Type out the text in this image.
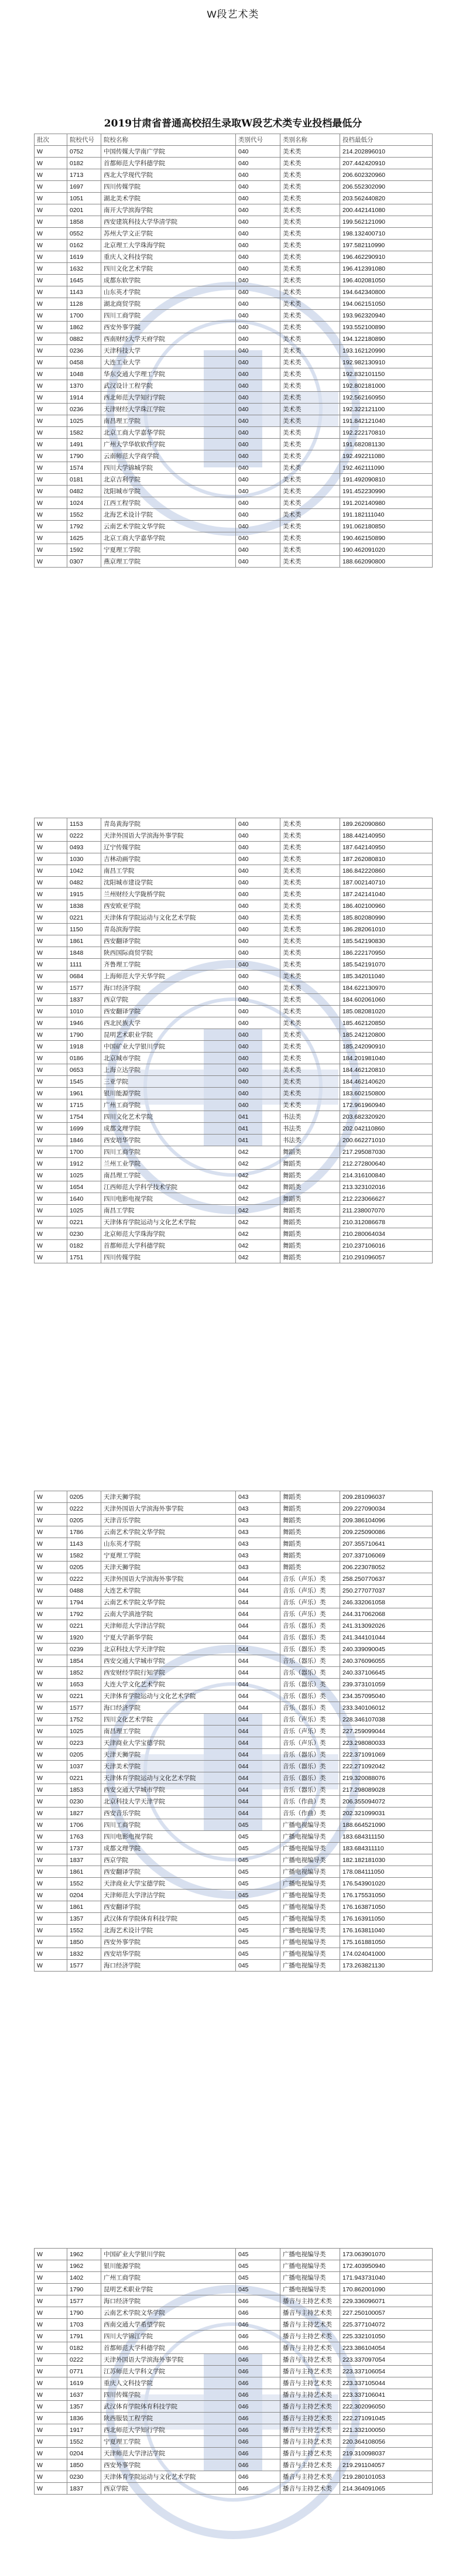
W段艺术类
2019甘肃省普通高校招生录取W段艺术类专业投档最低分
批次	院校代号	院校名称	类别代号	类别名称	投档最低分
W	0752	中国传媒大学南广学院	040	美术类	214.202896010
W	0182	首都师范大学科德学院	040	美术类	207.442420910
W	1713	西北大学现代学院	040	美术类	206.602320960
W	1697	四川传媒学院	040	美术类	206.552302090
W	1051	湖北美术学院	040	美术类	203.562440820
W	0201	南开大学滨海学院	040	美术类	200.442141080
W	1858	西安建筑科技大学华清学院	040	美术类	199.562121090
W	0552	苏州大学文正学院	040	美术类	198.132400710
W	0162	北京理工大学珠海学院	040	美术类	197.582110990
W	1619	重庆人文科技学院	040	美术类	196.462290910
W	1632	四川文化艺术学院	040	美术类	196.412391080
W	1645	成都东软学院	040	美术类	196.402081050
W	1143	山东英才学院	040	美术类	194.642340800
W	1128	湖北商贸学院	040	美术类	194.062151050
W	1700	四川工商学院	040	美术类	193.962320940
W	1862	西安外事学院	040	美术类	193.552100890
W	0882	西南财经大学天府学院	040	美术类	194.122180890
W	0236	天津科技大学	040	美术类	193.162120990
W	0458	大连工业大学	040	美术类	192.982130910
W	1048	华东交通大学理工学院	040	美术类	192.832101150
W	1370	武汉设计工程学院	040	美术类	192.802181000
W	1914	西北师范大学知行学院	040	美术类	192.562160950
W	0236	天津财经大学珠江学院	040	美术类	192.322121100
W	1025	南昌理工学院	040	美术类	191.842121040
W	1582	北京工商大学嘉华学院	040	美术类	192.222170810
W	1491	广州大学华软软件学院	040	美术类	191.682081130
W	1790	云南师范大学商学院	040	美术类	192.492211080
W	1574	四川大学锦城学院	040	美术类	192.462111090
W	0181	北京吉利学院	040	美术类	191.492090810
W	0482	沈阳城市学院	040	美术类	191.452230990
W	1024	江西工程学院	040	美术类	191.202140980
W	1552	北海艺术设计学院	040	美术类	191.182111040
W	1792	云南艺术学院文华学院	040	美术类	191.062180850
W	1625	北京工商大学嘉华学院	040	美术类	190.462150890
W	1592	宁夏理工学院	040	美术类	190.462091020
W	0307	燕京理工学院	040	美术类	188.662090800
W	1153	青岛黄海学院	040	美术类	189.262090860
W	0222	天津外国语大学滨海外事学院	040	美术类	188.442140950
W	0493	辽宁传媒学院	040	美术类	187.642140950
W	1030	吉林动画学院	040	美术类	187.262080810
W	1042	南昌工学院	040	美术类	186.842220860
W	0482	沈阳城市建设学院	040	美术类	187.002140710
W	1915	兰州财经大学陇桥学院	040	美术类	187.242141040
W	1838	西安欧亚学院	040	美术类	186.402100960
W	0221	天津体育学院运动与文化艺术学院	040	美术类	185.802080990
W	1150	青岛滨海学院	040	美术类	186.282061010
W	1861	西安翻译学院	040	美术类	185.542190830
W	1848	陕西国际商贸学院	040	美术类	186.222170950
W	1111	齐鲁理工学院	040	美术类	185.542191070
W	0684	上海师范大学天华学院	040	美术类	185.342011040
W	1577	海口经济学院	040	美术类	184.622130970
W	1837	西京学院	040	美术类	184.602061060
W	1010	西安翻译学院	040	美术类	185.082081020
W	1946	西北民族大学	040	美术类	185.462120850
W	1790	昆明艺术职业学院	040	美术类	185.242120800
W	1918	中国矿业大学银川学院	040	美术类	185.242090910
W	0186	北京城市学院	040	美术类	184.201981040
W	0653	上海立达学院	040	美术类	184.462120810
W	1545	三亚学院	040	美术类	184.462140620
W	1961	银川能源学院	040	美术类	183.602150800
W	1715	广州工商学院	040	美术类	172.961960940
W	1754	四川文化艺术学院	041	书法类	203.682320920
W	1699	成都文理学院	041	书法类	202.042110860
W	1846	西安培华学院	041	书法类	200.662271010
W	1700	四川工商学院	042	舞蹈类	217.295087030
W	1912	兰州工业学院	042	舞蹈类	212.272800640
W	1025	南昌理工学院	042	舞蹈类	214.316100840
W	1654	江西师范大学科学技术学院	042	舞蹈类	213.323102016
W	1640	四川电影电视学院	042	舞蹈类	212.223066627
W	1025	南昌工学院	042	舞蹈类	211.238007070
W	0221	天津体育学院运动与文化艺术学院	042	舞蹈类	210.312086678
W	0230	北京师范大学珠海学院	042	舞蹈类	210.280064034
W	0182	首都师范大学科德学院	042	舞蹈类	210.237106016
W	1751	四川传媒学院	042	舞蹈类	210.291096057
W	0205	天津天狮学院	043	舞蹈类	209.281096037
W	0222	天津外国语大学滨海外事学院	043	舞蹈类	209.227090034
W	0205	天津音乐学院	043	舞蹈类	209.386104096
W	1786	云南艺术学院文华学院	043	舞蹈类	209.225090086
W	1143	山东英才学院	043	舞蹈类	207.355710641
W	1582	宁夏理工学院	043	舞蹈类	207.337106069
W	0205	天津天狮学院	043	舞蹈类	206.223078052
W	0222	天津外国语大学滨海外事学院	044	音乐（声乐）类	258.250770637
W	0488	大连艺术学院	044	音乐（声乐）类	250.277077037
W	1794	云南艺术学院文华学院	044	音乐（声乐）类	246.332061058
W	1792	云南大学滇池学院	044	音乐（声乐）类	244.317062068
W	0221	天津师范大学津沽学院	044	音乐（器乐）类	241.313092026
W	1920	宁夏大学新华学院	044	音乐（器乐）类	241.344101044
W	0239	北京科技大学天津学院	044	音乐（器乐）类	240.339090045
W	1854	西安交通大学城市学院	044	音乐（器乐）类	240.376096055
W	1852	西安财经学院行知学院	044	音乐（器乐）类	240.337106645
W	1653	大连大学文化艺术学院	044	音乐（器乐）类	239.373101059
W	0221	天津体育学院运动与文化艺术学院	044	音乐（器乐）类	234.357095040
W	1577	海口经济学院	044	音乐（器乐）类	233.340106012
W	1752	四川文化艺术学院	044	音乐（声乐）类	228.346107038
W	1025	南昌理工学院	044	音乐（声乐）类	227.259099044
W	0223	天津商业大学宝德学院	044	音乐（声乐）类	223.298080033
W	0205	天津天狮学院	044	音乐（器乐）类	222.371091069
W	1037	天津美术学院	044	音乐（器乐）类	222.271092042
W	0221	天津体育学院运动与文化艺术学院	044	音乐（器乐）类	219.320088076
W	1853	西安交通大学城市学院	044	音乐（器乐）类	217.298089028
W	0230	北京科技大学天津学院	044	音乐（作曲）类	206.355094072
W	1827	西安音乐学院	044	音乐（作曲）类	202.321099031
W	1706	四川工商学院	045	广播电视编导类	188.664521090
W	1763	四川电影电视学院	045	广播电视编导类	183.684311150
W	1737	成都文理学院	045	广播电视编导类	183.684311110
W	1837	西京学院	045	广播电视编导类	182.182181030
W	1861	西安翻译学院	045	广播电视编导类	178.084111050
W	1552	天津商业大学宝德学院	045	广播电视编导类	176.543901020
W	0204	天津师范大学津沽学院	045	广播电视编导类	176.175531050
W	1861	西安翻译学院	045	广播电视编导类	176.163871050
W	1357	武汉体育学院体育科技学院	045	广播电视编导类	176.163911050
W	1552	北海艺术设计学院	045	广播电视编导类	176.163811040
W	1850	西安外事学院	045	广播电视编导类	175.161881050
W	1832	西安培华学院	045	广播电视编导类	174.024041000
W	1577	海口经济学院	045	广播电视编导类	173.263821130
W	1962	中国矿业大学银川学院	045	广播电视编导类	173.063901070
W	1962	银川能源学院	045	广播电视编导类	172.403950940
W	1402	广州工商学院	045	广播电视编导类	171.943731040
W	1790	昆明艺术职业学院	045	广播电视编导类	170.862001090
W	1577	海口经济学院	046	播音与主持艺术类	229.336096071
W	1790	云南艺术学院文华学院	046	播音与主持艺术类	227.250100057
W	1703	西南交通大学希望学院	046	播音与主持艺术类	225.377104072
W	1791	四川大学锦江学院	046	播音与主持艺术类	225.332101050
W	0182	首都师范大学科德学院	046	播音与主持艺术类	223.386104054
W	0222	天津外国语大学滨海外事学院	046	播音与主持艺术类	223.337097054
W	0771	江苏师范大学科文学院	046	播音与主持艺术类	223.337106054
W	1619	重庆人文科技学院	046	播音与主持艺术类	223.337105044
W	1637	四川传媒学院	046	播音与主持艺术类	223.337106041
W	1357	武汉体育学院体育科技学院	046	播音与主持艺术类	222.302096050
W	1836	陕西服装工程学院	046	播音与主持艺术类	222.271091045
W	1917	西北师范大学知行学院	046	播音与主持艺术类	221.332100050
W	1552	宁夏理工学院	046	播音与主持艺术类	220.364108056
W	0204	天津师范大学津沽学院	046	播音与主持艺术类	219.310098037
W	1850	西安外事学院	046	播音与主持艺术类	219.291104057
W	0230	天津体育学院运动与文化艺术学院	046	播音与主持艺术类	219.280101053
W	1837	西京学院	046	播音与主持艺术类	214.364091065
